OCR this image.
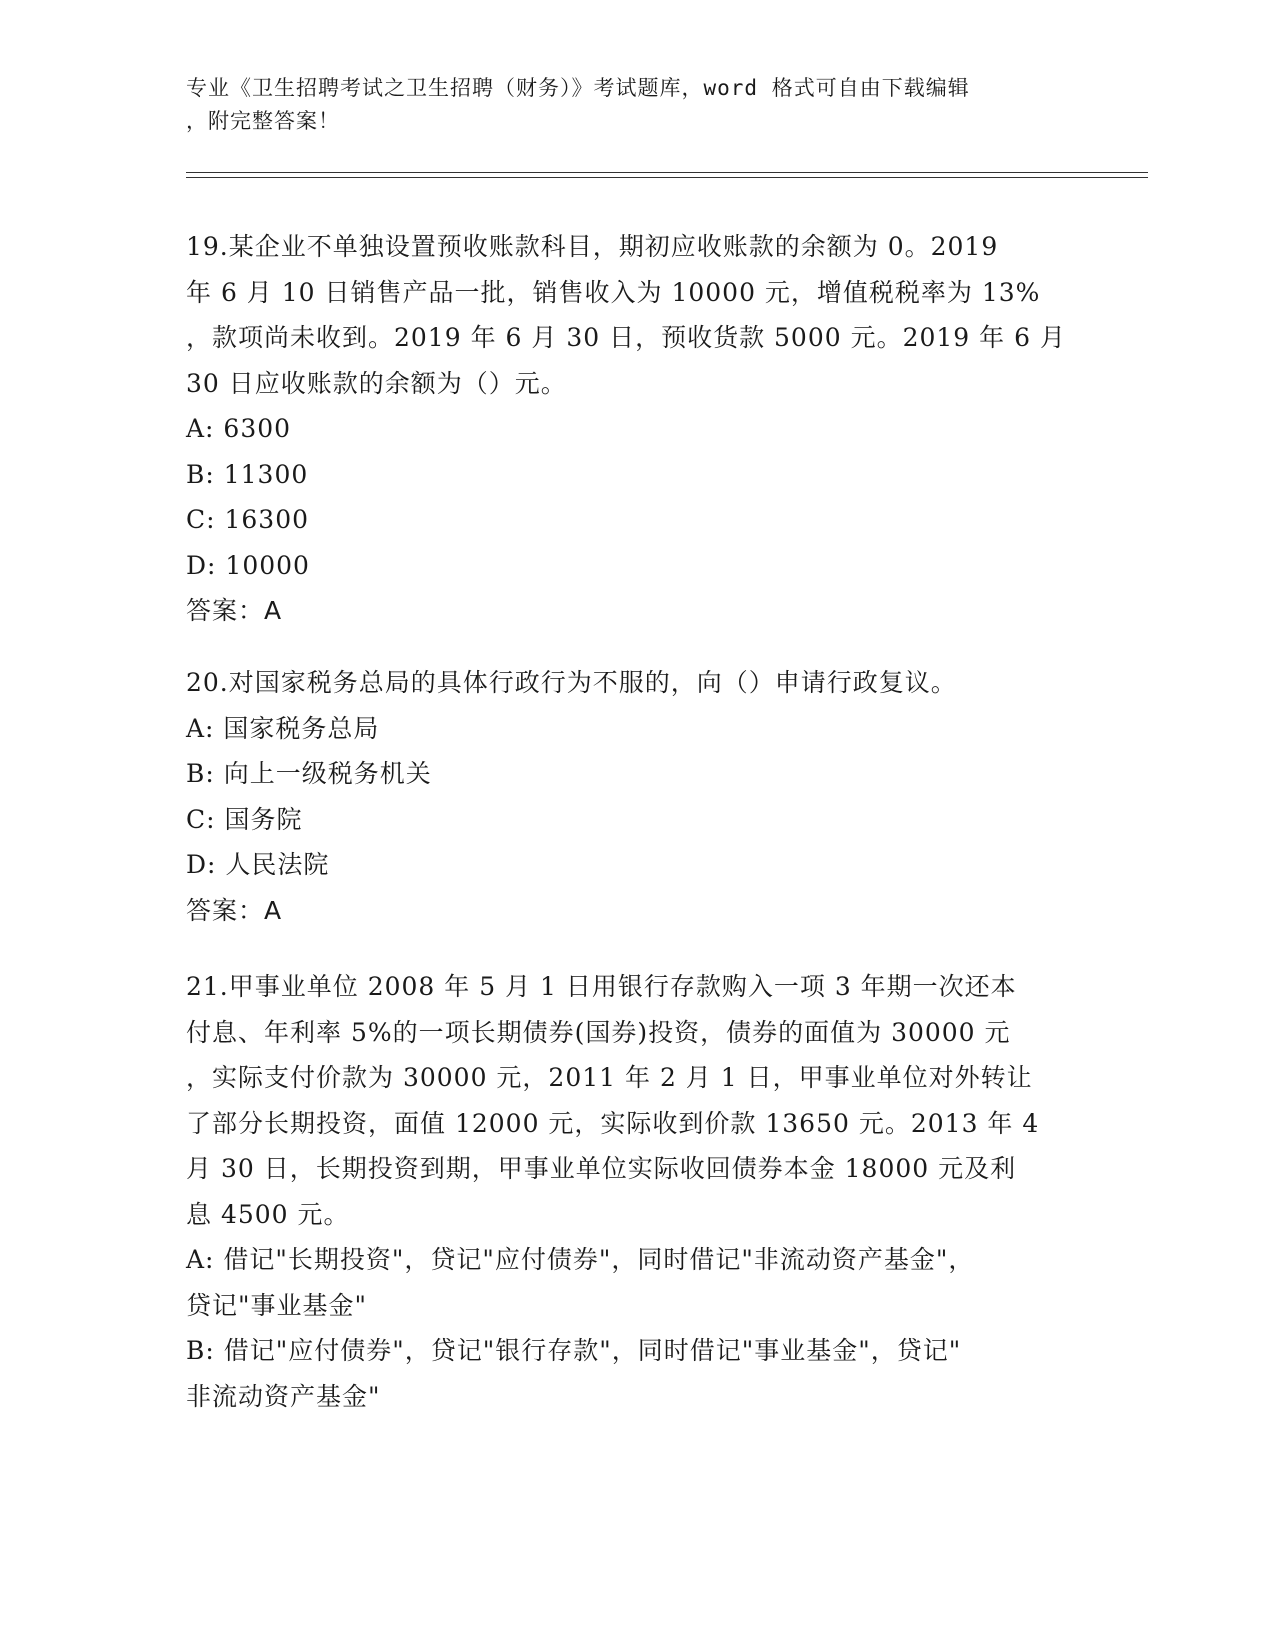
专业《卫生招聘考试之卫生招聘（财务）》考试题库，word 格式可自由下载编辑
，附完整答案！
19.某企业不单独设置预收账款科目，期初应收账款的余额为 0。2019
年 6 月 10 日销售产品一批，销售收入为 10000 元，增值税税率为 13%
，款项尚未收到。2019 年 6 月 30 日，预收货款 5000 元。2019 年 6 月
30 日应收账款的余额为（）元。
A: 6300
B: 11300
C: 16300
D: 10000
答案：A
20.对国家税务总局的具体行政行为不服的，向（）申请行政复议。
A: 国家税务总局
B: 向上一级税务机关
C: 国务院
D: 人民法院
答案：A
21.甲事业单位 2008 年 5 月 1 日用银行存款购入一项 3 年期一次还本
付息、年利率 5%的一项长期债券(国券)投资，债券的面值为 30000 元
，实际支付价款为 30000 元，2011 年 2 月 1 日，甲事业单位对外转让
了部分长期投资，面值 12000 元，实际收到价款 13650 元。2013 年 4
月 30 日，长期投资到期，甲事业单位实际收回债券本金 18000 元及利
息 4500 元。
A: 借记"长期投资"，贷记"应付债券"，同时借记"非流动资产基金"，
贷记"事业基金"
B: 借记"应付债券"，贷记"银行存款"，同时借记"事业基金"，贷记"
非流动资产基金"
